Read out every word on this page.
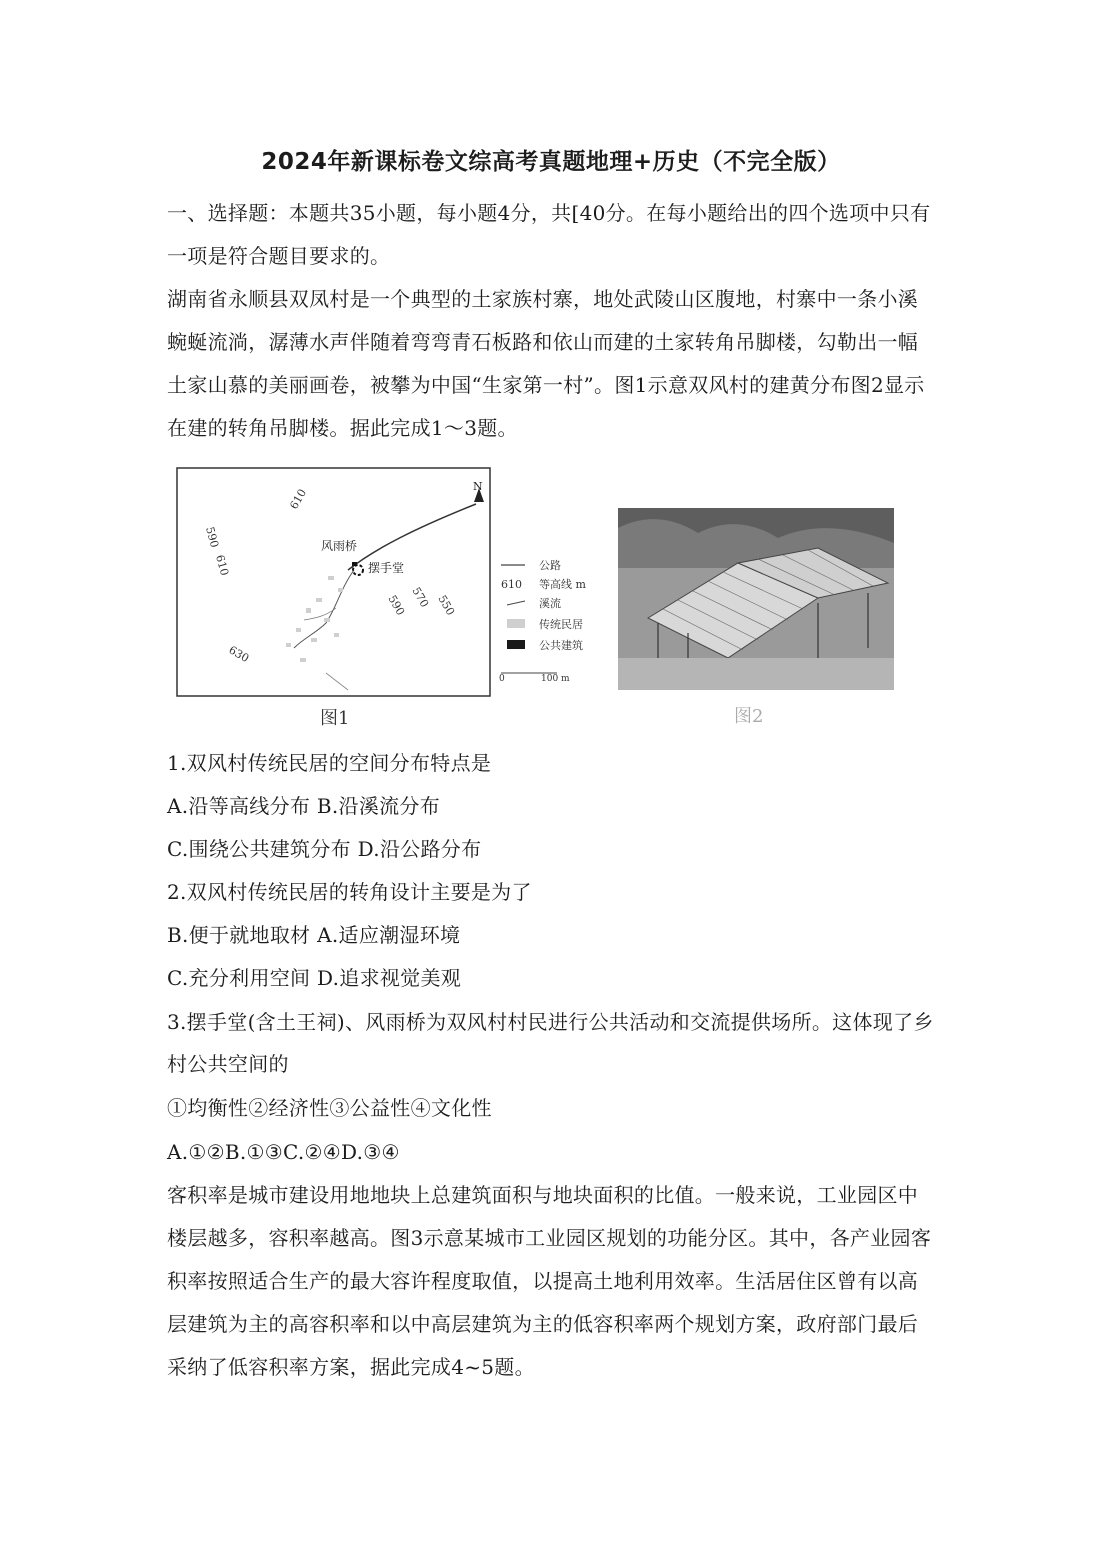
2024年新课标卷文综高考真题地理+历史（不完全版）
一、选择题：本题共35小题，每小题4分，共[40分。在每小题给出的四个选项中只有一项是符合题目要求的。
湖南省永顺县双凤村是一个典型的土家族村寨，地处武陵山区腹地，村寨中一条小溪蜿蜒流淌，潺薄水声伴随着弯弯青石板路和依山而建的土家转角吊脚楼，勾勒出一幅土家山慕的美丽画卷，被攀为中国“生家第一村”。图1示意双风村的建黄分布图2显示在建的转角吊脚楼。据此完成1～3题。
N
风雨桥
摆手堂
590
610
610
590 570 550
630
公路
610 等高线 m
溪流
传统民居
公共建筑
0	100 m
图1	图2
1.双风村传统民居的空间分布特点是
A.沿等高线分布 B.沿溪流分布
C.围绕公共建筑分布 D.沿公路分布
2.双风村传统民居的转角设计主要是为了
B.便于就地取材 A.适应潮湿环境
C.充分利用空间 D.追求视觉美观
3.摆手堂(含土王祠)、风雨桥为双风村村民进行公共活动和交流提供场所。这体现了乡村公共空间的
①均衡性②经济性③公益性④文化性
A.①②B.①③C.②④D.③④
客积率是城市建设用地地块上总建筑面积与地块面积的比值。一般来说，工业园区中楼层越多，容积率越高。图3示意某城市工业园区规划的功能分区。其中，各产业园客积率按照适合生产的最大容许程度取值，以提高土地利用效率。生活居住区曾有以高层建筑为主的高容积率和以中高层建筑为主的低容积率两个规划方案，政府部门最后采纳了低容积率方案，据此完成4~5题。
